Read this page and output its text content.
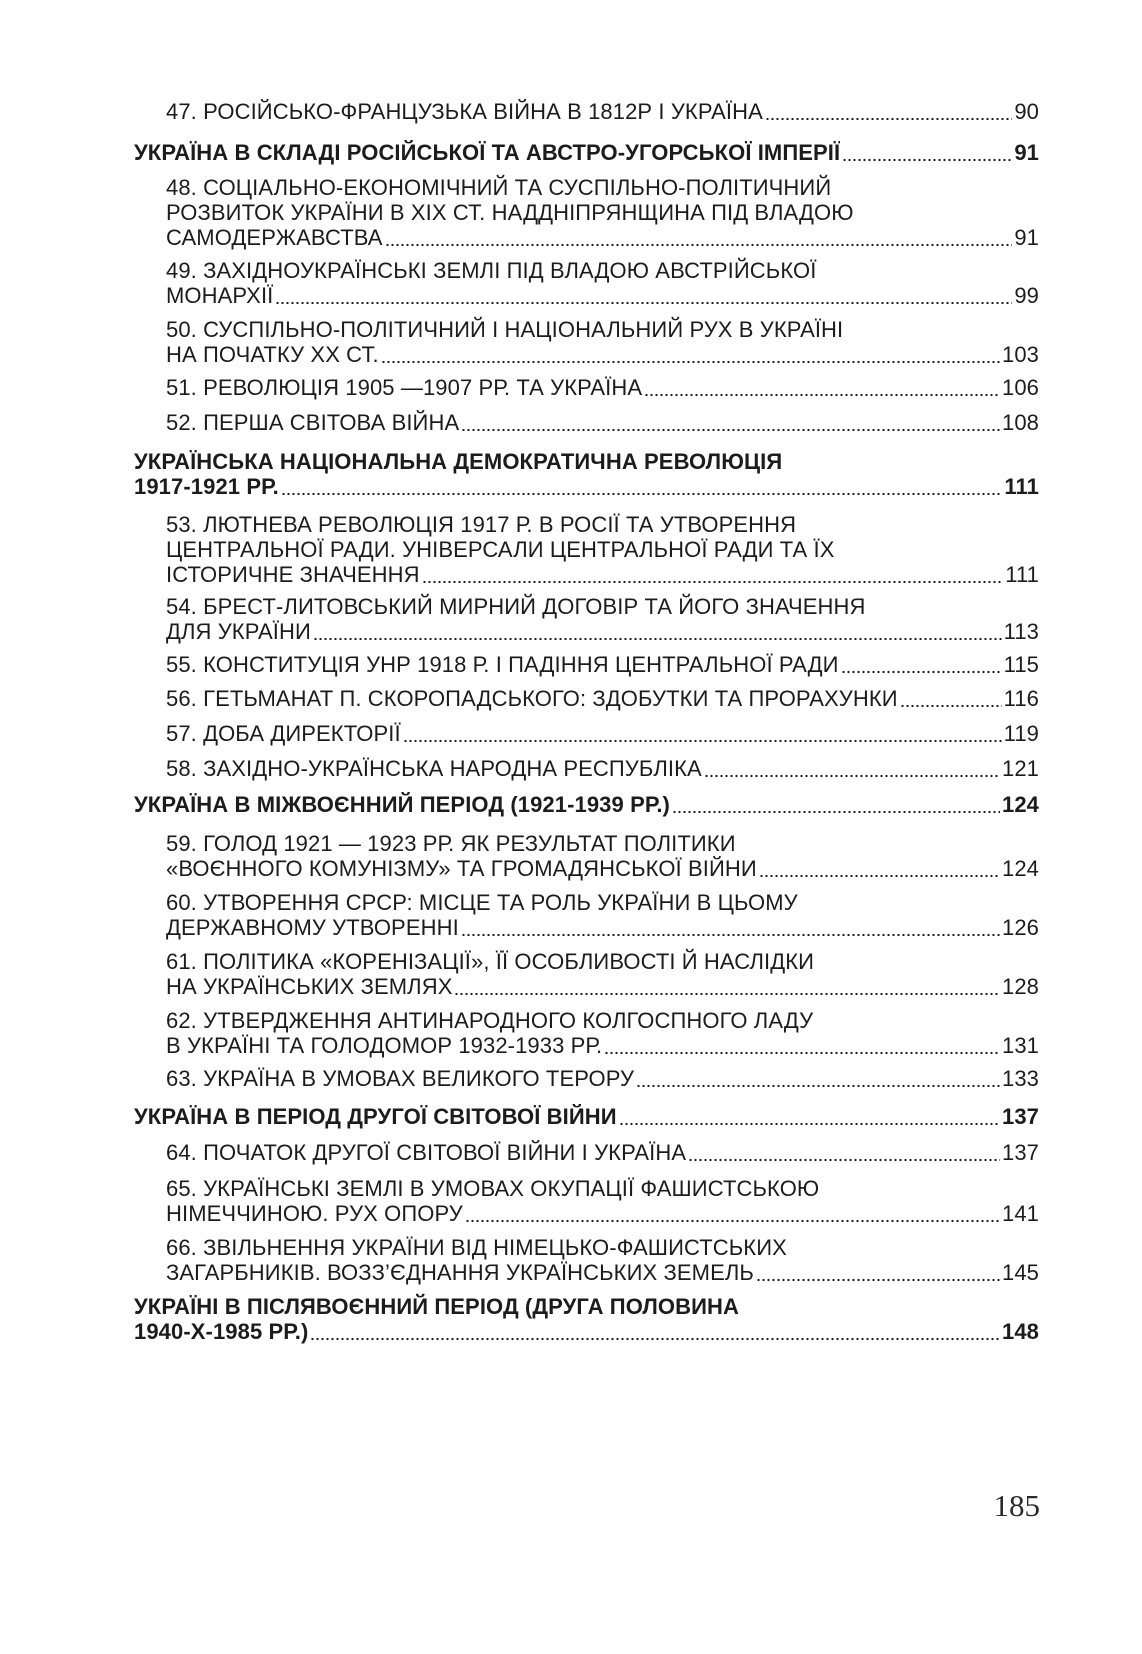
47. РОСІЙСЬКО-ФРАНЦУЗЬКА ВІЙНА В 1812Р І УКРАЇНА	90
УКРАЇНА В СКЛАДІ РОСІЙСЬКОЇ ТА АВСТРО-УГОРСЬКОЇ ІМПЕРІЇ	91
48. СОЦІАЛЬНО-ЕКОНОМІЧНИЙ ТА СУСПІЛЬНО-ПОЛІТИЧНИЙ
РОЗВИТОК УКРАЇНИ В XIX СТ. НАДДНІПРЯНЩИНА ПІД ВЛАДОЮ
САМОДЕРЖАВСТВА	91
49. ЗАХІДНОУКРАЇНСЬКІ ЗЕМЛІ ПІД ВЛАДОЮ АВСТРІЙСЬКОЇ
МОНАРХІЇ	99
50. СУСПІЛЬНО-ПОЛІТИЧНИЙ І НАЦІОНАЛЬНИЙ РУХ В УКРАЇНІ
НА ПОЧАТКУ XX СТ.	103
51. РЕВОЛЮЦІЯ 1905 —1907 РР. ТА УКРАЇНА	106
52. ПЕРША СВІТОВА ВІЙНА	108
УКРАЇНСЬКА НАЦІОНАЛЬНА ДЕМОКРАТИЧНА РЕВОЛЮЦІЯ
1917-1921 РР.	111
53. ЛЮТНЕВА РЕВОЛЮЦІЯ 1917 Р. В РОСІЇ ТА УТВОРЕННЯ
ЦЕНТРАЛЬНОЇ РАДИ. УНІВЕРСАЛИ ЦЕНТРАЛЬНОЇ РАДИ ТА ЇХ
ІСТОРИЧНЕ ЗНАЧЕННЯ	111
54. БРЕСТ-ЛИТОВСЬКИЙ МИРНИЙ ДОГОВІР ТА ЙОГО ЗНАЧЕННЯ
ДЛЯ УКРАЇНИ	113
55. КОНСТИТУЦІЯ УНР 1918 Р. І ПАДІННЯ ЦЕНТРАЛЬНОЇ РАДИ	115
56. ГЕТЬМАНАТ П. СКОРОПАДСЬКОГО: ЗДОБУТКИ ТА ПРОРАХУНКИ	116
57. ДОБА ДИРЕКТОРІЇ	119
58. ЗАХІДНО-УКРАЇНСЬКА НАРОДНА РЕСПУБЛІКА	121
УКРАЇНА В МІЖВОЄННИЙ ПЕРІОД (1921-1939 РР.)	124
59. ГОЛОД 1921 — 1923 РР. ЯК РЕЗУЛЬТАТ ПОЛІТИКИ
«ВОЄННОГО КОМУНІЗМУ» ТА ГРОМАДЯНСЬКОЇ ВІЙНИ	124
60. УТВОРЕННЯ СРСР: МІСЦЕ ТА РОЛЬ УКРАЇНИ В ЦЬОМУ
ДЕРЖАВНОМУ УТВОРЕННІ	126
61. ПОЛІТИКА «КОРЕНІЗАЦІЇ», ЇЇ ОСОБЛИВОСТІ Й НАСЛІДКИ
НА УКРАЇНСЬКИХ ЗЕМЛЯХ	128
62. УТВЕРДЖЕННЯ АНТИНАРОДНОГО КОЛГОСПНОГО ЛАДУ
В УКРАЇНІ ТА ГОЛОДОМОР 1932-1933 РР.	131
63. УКРАЇНА В УМОВАХ ВЕЛИКОГО ТЕРОРУ	133
УКРАЇНА В ПЕРІОД ДРУГОЇ СВІТОВОЇ ВІЙНИ	137
64. ПОЧАТОК ДРУГОЇ СВІТОВОЇ ВІЙНИ І УКРАЇНА	137
65. УКРАЇНСЬКІ ЗЕМЛІ В УМОВАХ ОКУПАЦІЇ ФАШИСТСЬКОЮ
НІМЕЧЧИНОЮ. РУХ ОПОРУ	141
66. ЗВІЛЬНЕННЯ УКРАЇНИ ВІД НІМЕЦЬКО-ФАШИСТСЬКИХ
ЗАГАРБНИКІВ. ВОЗЗ’ЄДНАННЯ УКРАЇНСЬКИХ ЗЕМЕЛЬ	145
УКРАЇНІ В ПІСЛЯВОЄННИЙ ПЕРІОД (ДРУГА ПОЛОВИНА
1940-Х-1985 РР.)	148
185
